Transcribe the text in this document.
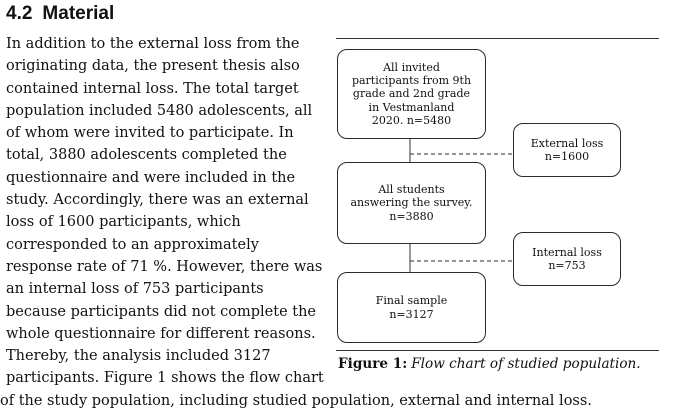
4.2 Material

In addition to the external loss from the
originating data, the present thesis also
contained internal loss. The total target
population included 5480 adolescents, all
of whom were invited to participate. In
total, 3880 adolescents completed the
questionnaire and were included in the
study. Accordingly, there was an external
loss of 1600 participants, which
corresponded to an approximately
response rate of 71 %. However, there was
an internal loss of 753 participants
because participants did not complete the
whole questionnaire for different reasons.
Thereby, the analysis included 3127
participants. Figure 1 shows the flow chart
of the study population, including studied population, external and internal loss.

All invited
participants from 9th
grade and 2nd grade
in Vestmanland
2020. n=5480
External loss
n=1600
All students
answering the survey.
n=3880
Internal loss
n=753
Final sample
n=3127

Figure 1: Flow chart of studied population.
